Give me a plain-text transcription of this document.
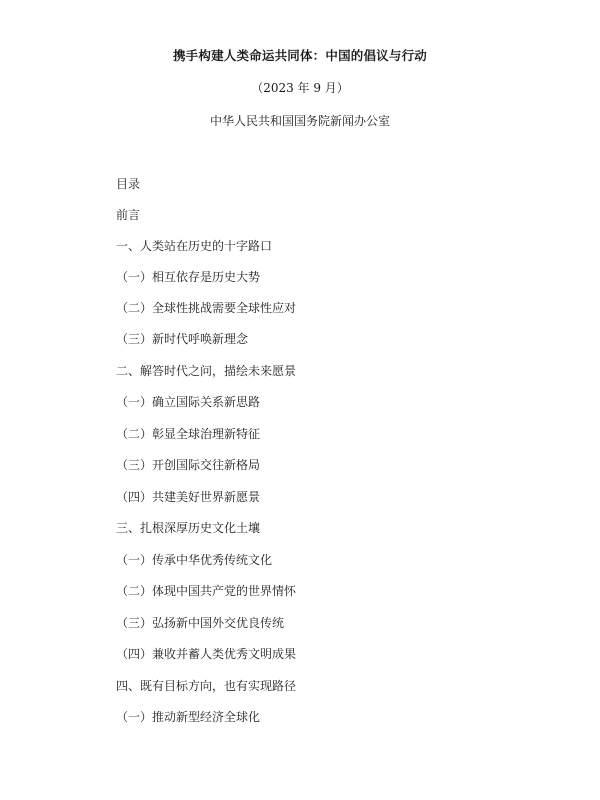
携手构建人类命运共同体：中国的倡议与行动
（2023 年 9 月）
中华人民共和国国务院新闻办公室
目录
前言
一、人类站在历史的十字路口
（一）相互依存是历史大势
（二）全球性挑战需要全球性应对
（三）新时代呼唤新理念
二、解答时代之问，描绘未来愿景
（一）确立国际关系新思路
（二）彰显全球治理新特征
（三）开创国际交往新格局
（四）共建美好世界新愿景
三、扎根深厚历史文化土壤
（一）传承中华优秀传统文化
（二）体现中国共产党的世界情怀
（三）弘扬新中国外交优良传统
（四）兼收并蓄人类优秀文明成果
四、既有目标方向，也有实现路径
（一）推动新型经济全球化
